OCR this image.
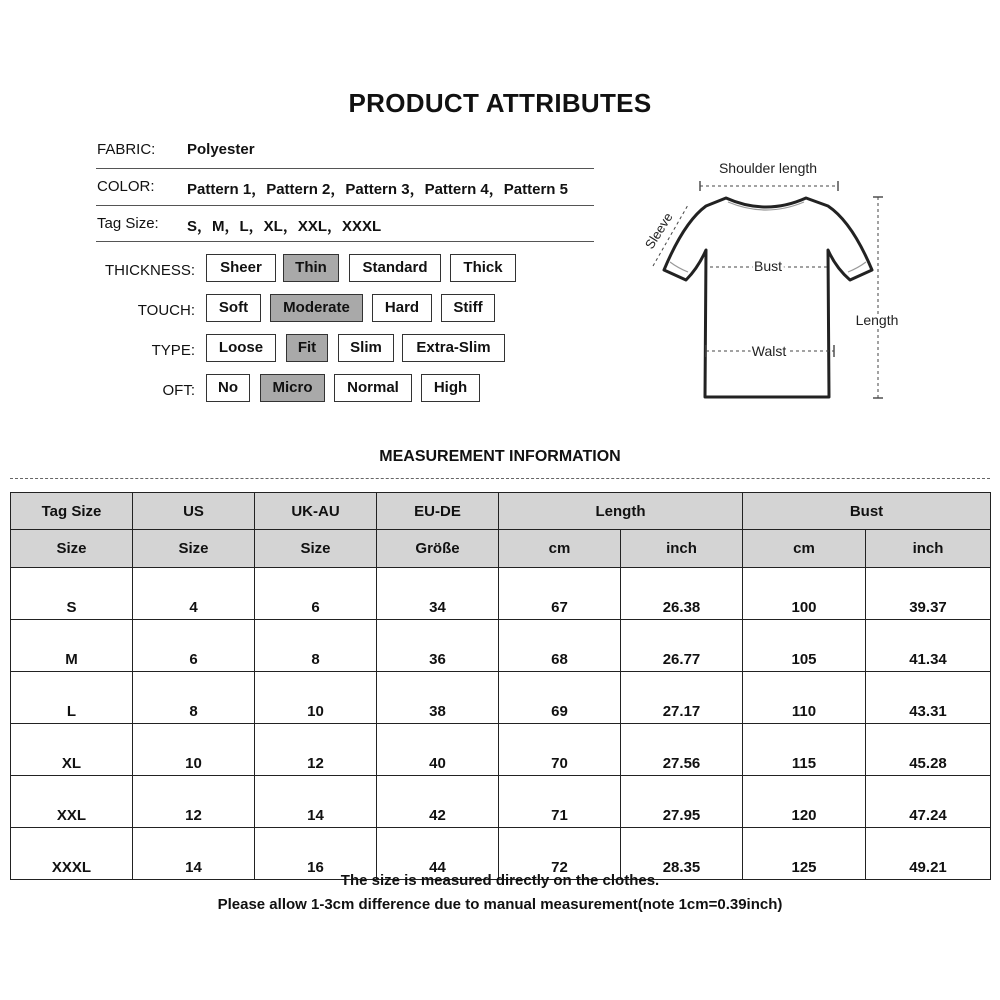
PRODUCT ATTRIBUTES
FABRIC: Polyester
COLOR: Pattern 1，Pattern 2，Pattern 3，Pattern 4，Pattern 5
Tag Size: S，M，L，XL，XXL，XXXL
THICKNESS:	Sheer	Thin	Standard	Thick
TOUCH:	Soft	Moderate	Hard	Stiff
TYPE:	Loose	Fit	Slim	Extra-Slim
OFT:	No	Micro	Normal	High
Shoulder length
Sleeve
Bust
Walst
Length
MEASUREMENT INFORMATION
Tag Size	US	UK-AU	EU-DE	Length		Bust	
Size	Size	Size	Größe	cm	inch	cm	inch
S	4	6	34	67	26.38	100	39.37
M	6	8	36	68	26.77	105	41.34
L	8	10	38	69	27.17	110	43.31
XL	10	12	40	70	27.56	115	45.28
XXL	12	14	42	71	27.95	120	47.24
XXXL	14	16	44	72	28.35	125	49.21
The size is measured directly on the clothes.
Please allow 1-3cm difference due to manual measurement(note 1cm=0.39inch)
